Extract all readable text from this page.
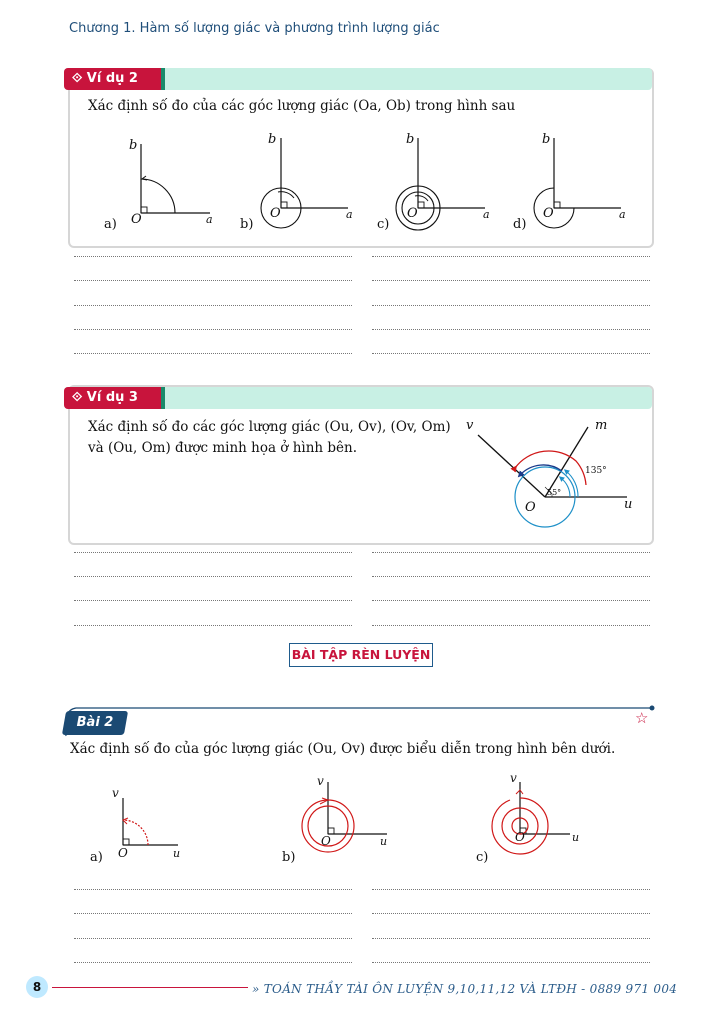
Chương 1. Hàm số lượng giác và phương trình lượng giác
⟐ Ví dụ 2
Xác định số đo của các góc lượng giác (Oa, Ob) trong hình sau
b
O	a
a)
b
O	a
b)
b
O	a
c)
b
O	a
d)
⟐ Ví dụ 3
Xác định số đo các góc lượng giác (Ou, Ov), (Ov, Om)
và (Ou, Om) được minh họa ở hình bên.
v	m
u
O
55°
135°
BÀI TẬP RÈN LUYỆN
Bài 2	☆
Xác định số đo của góc lượng giác (Ou, Ov) được biểu diễn trong hình bên dưới.
v
O	u
a)
v
O	u
b)
v
O	u
c)
8	» TOÁN THẦY TÀI ÔN LUYỆN 9,10,11,12 VÀ LTĐH - 0889 971 004
